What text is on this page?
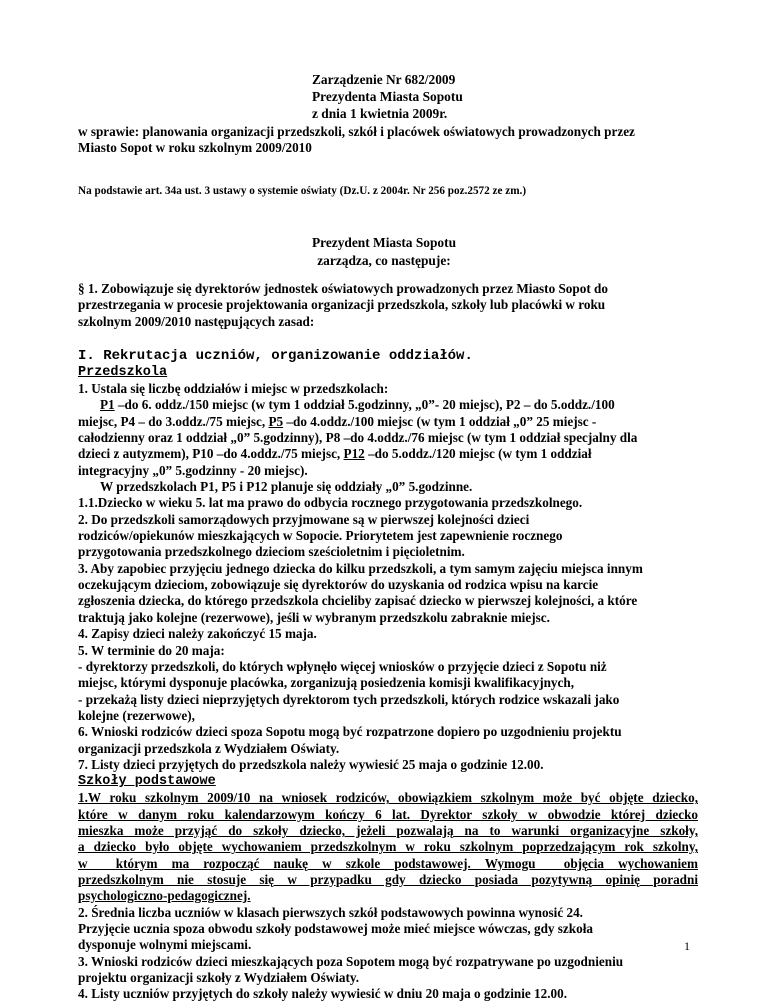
Zarządzenie Nr 682/2009
Prezydenta Miasta Sopotu
z dnia 1 kwietnia 2009r.
w sprawie: planowania organizacji przedszkoli, szkół i placówek oświatowych prowadzonych przez
Miasto Sopot w roku szkolnym 2009/2010
Na podstawie art. 34a ust. 3 ustawy o systemie oświaty (Dz.U. z 2004r. Nr 256 poz.2572 ze zm.)
Prezydent Miasta Sopotu
zarządza, co następuje:
§ 1. Zobowiązuje się dyrektorów jednostek oświatowych prowadzonych przez Miasto Sopot do
przestrzegania w procesie projektowania organizacji przedszkola, szkoły lub placówki w roku
szkolnym 2009/2010 następujących zasad:
I. Rekrutacja uczniów, organizowanie oddziałów.
Przedszkola
1. Ustala się liczbę oddziałów i miejsc w przedszkolach:
P1 –do 6. oddz./150 miejsc (w tym 1 oddział 5.godzinny, „0”- 20 miejsc), P2 – do 5.oddz./100
miejsc, P4 – do 3.oddz./75 miejsc, P5 –do 4.oddz./100 miejsc (w tym 1 oddział „0” 25 miejsc -
całodzienny oraz 1 oddział „0” 5.godzinny), P8 –do 4.oddz./76 miejsc (w tym 1 oddział specjalny dla
dzieci z autyzmem), P10 –do 4.oddz./75 miejsc, P12 –do 5.oddz./120 miejsc (w tym 1 oddział
integracyjny „0” 5.godzinny - 20 miejsc).
W przedszkolach P1, P5 i P12 planuje się oddziały „0” 5.godzinne.
1.1.Dziecko w wieku 5. lat ma prawo do odbycia rocznego przygotowania przedszkolnego.
2. Do przedszkoli samorządowych przyjmowane są w pierwszej kolejności dzieci
rodziców/opiekunów mieszkających w Sopocie. Priorytetem jest zapewnienie rocznego
przygotowania przedszkolnego dzieciom sześcioletnim i pięcioletnim.
3. Aby zapobiec przyjęciu jednego dziecka do kilku przedszkoli, a tym samym zajęciu miejsca innym
oczekującym dzieciom, zobowiązuje się dyrektorów do uzyskania od rodzica wpisu na karcie
zgłoszenia dziecka, do którego przedszkola chcieliby zapisać dziecko w pierwszej kolejności, a które
traktują jako kolejne (rezerwowe), jeśli w wybranym przedszkolu zabraknie miejsc.
4. Zapisy dzieci należy zakończyć 15 maja.
5. W terminie do 20 maja:
- dyrektorzy przedszkoli, do których wpłynęło więcej wniosków o przyjęcie dzieci z Sopotu niż
miejsc, którymi dysponuje placówka, zorganizują posiedzenia komisji kwalifikacyjnych,
- przekażą listy dzieci nieprzyjętych dyrektorom tych przedszkoli, których rodzice wskazali jako
kolejne (rezerwowe),
6. Wnioski rodziców dzieci spoza Sopotu mogą być rozpatrzone dopiero po uzgodnieniu projektu
organizacji przedszkola z Wydziałem Oświaty.
7. Listy dzieci przyjętych do przedszkola należy wywiesić 25 maja o godzinie 12.00.
Szkoły podstawowe
1.W roku szkolnym 2009/10 na wniosek rodziców, obowiązkiem szkolnym może być objęte dziecko,
które w danym roku kalendarzowym kończy 6 lat. Dyrektor szkoły w obwodzie której dziecko
mieszka może przyjąć do szkoły dziecko, jeżeli pozwalają na to warunki organizacyjne szkoły,
a dziecko było objęte wychowaniem przedszkolnym w roku szkolnym poprzedzającym rok szkolny,
w    którym  ma  rozpocząć  naukę  w  szkole  podstawowej.  Wymogu    objęcia  wychowaniem
przedszkolnym nie stosuje się w przypadku gdy dziecko posiada pozytywną opinię poradni
psychologiczno-pedagogicznej.
2. Średnia liczba uczniów w klasach pierwszych szkół podstawowych powinna wynosić 24.
Przyjęcie ucznia spoza obwodu szkoły podstawowej może mieć miejsce wówczas, gdy szkoła
dysponuje wolnymi miejscami.
3. Wnioski rodziców dzieci mieszkających poza Sopotem mogą być rozpatrywane po uzgodnieniu
projektu organizacji szkoły z Wydziałem Oświaty.
4. Listy uczniów przyjętych do szkoły należy wywiesić w dniu 20 maja o godzinie 12.00.
1
